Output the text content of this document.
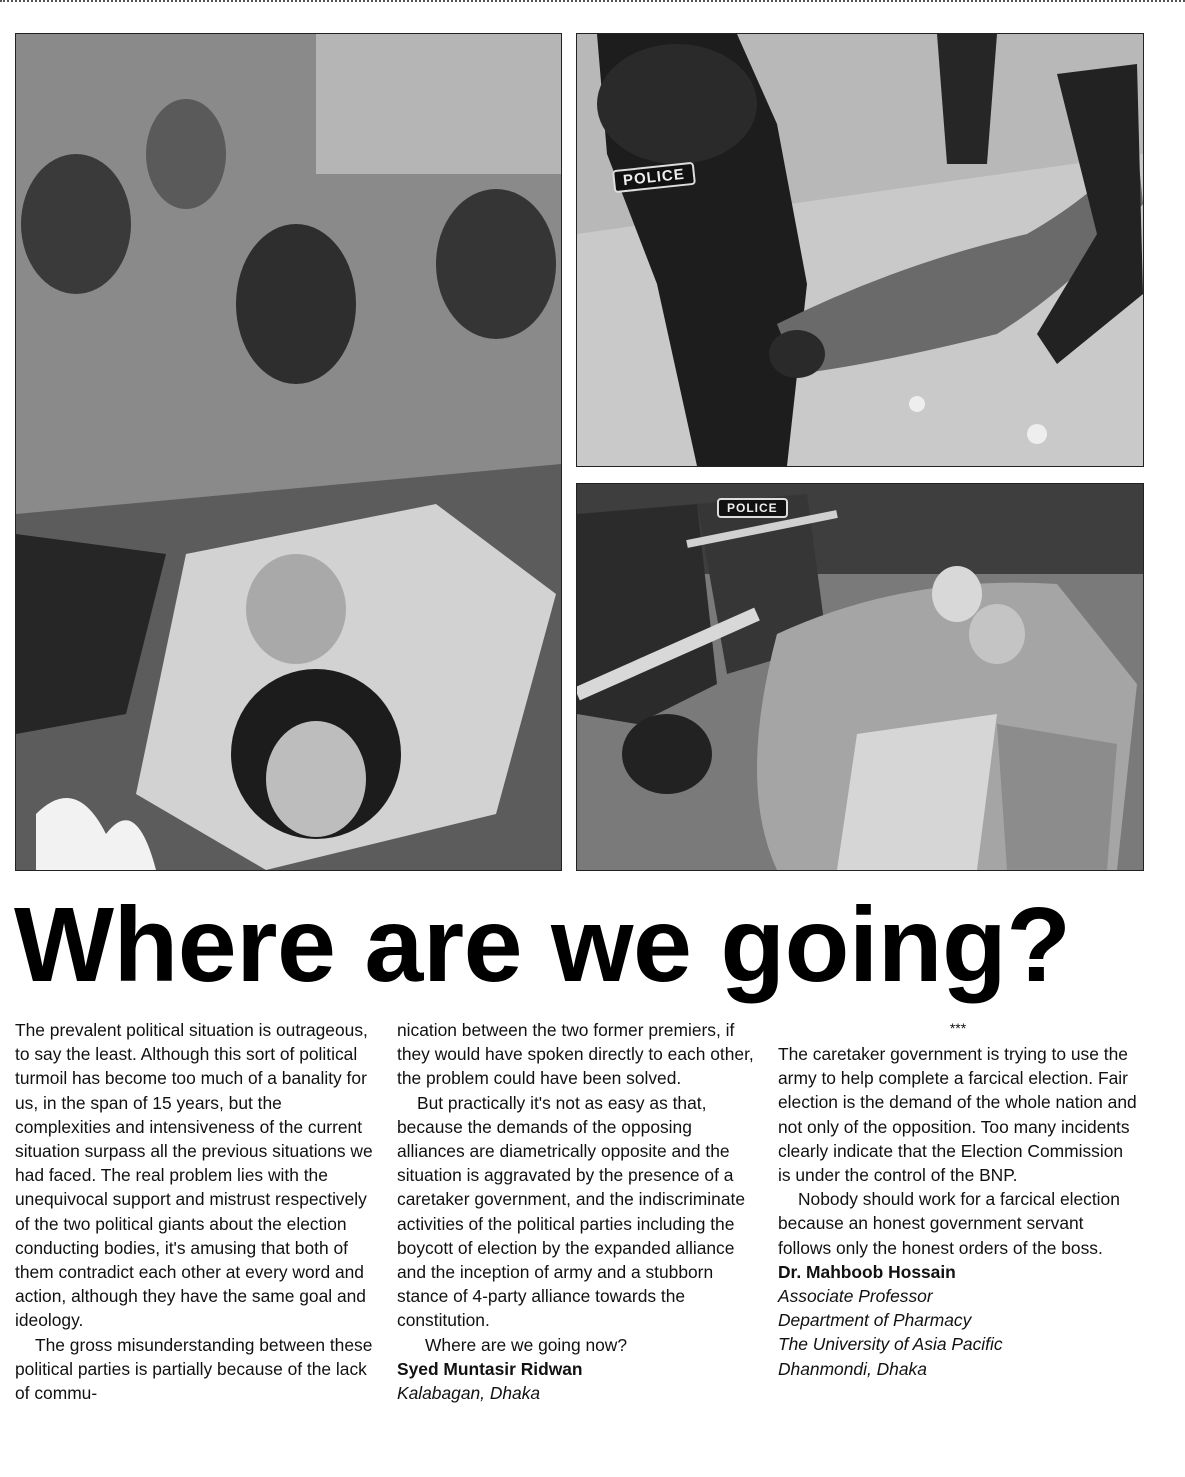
POLICE
POLICE
Where are we going?

The prevalent political situation is outrageous, to say the least. Although this sort of political turmoil has become too much of a banality for us, in the span of 15 years, but the complexities and intensiveness of the current situation surpass all the previous situations we had faced. The real problem lies with the unequivocal support and mistrust respectively of the two political giants about the election conducting bodies, it's amusing that both of them contradict each other at every word and action, although they have the same goal and ideology.

The gross misunderstanding between these political parties is partially because of the lack of commu-

nication between the two former premiers, if they would have spoken directly to each other, the problem could have been solved.

But practically it's not as easy as that, because the demands of the opposing alliances are diametrically opposite and the situation is aggravated by the presence of a caretaker government, and the indiscriminate activities of the political parties including the boycott of election by the expanded alliance and the inception of army and a stubborn stance of 4-party alliance towards the constitution.

Where are we going now?

Syed Muntasir Ridwan

Kalabagan, Dhaka

***

The caretaker government is trying to use the army to help complete a farcical election. Fair election is the demand of the whole nation and not only of the opposition. Too many incidents clearly indicate that the Election Commission is under the control of the BNP.

Nobody should work for a farcical election because an honest government servant follows only the honest orders of the boss.

Dr. Mahboob Hossain

Associate Professor
Department of Pharmacy
The University of Asia Pacific
Dhanmondi, Dhaka
